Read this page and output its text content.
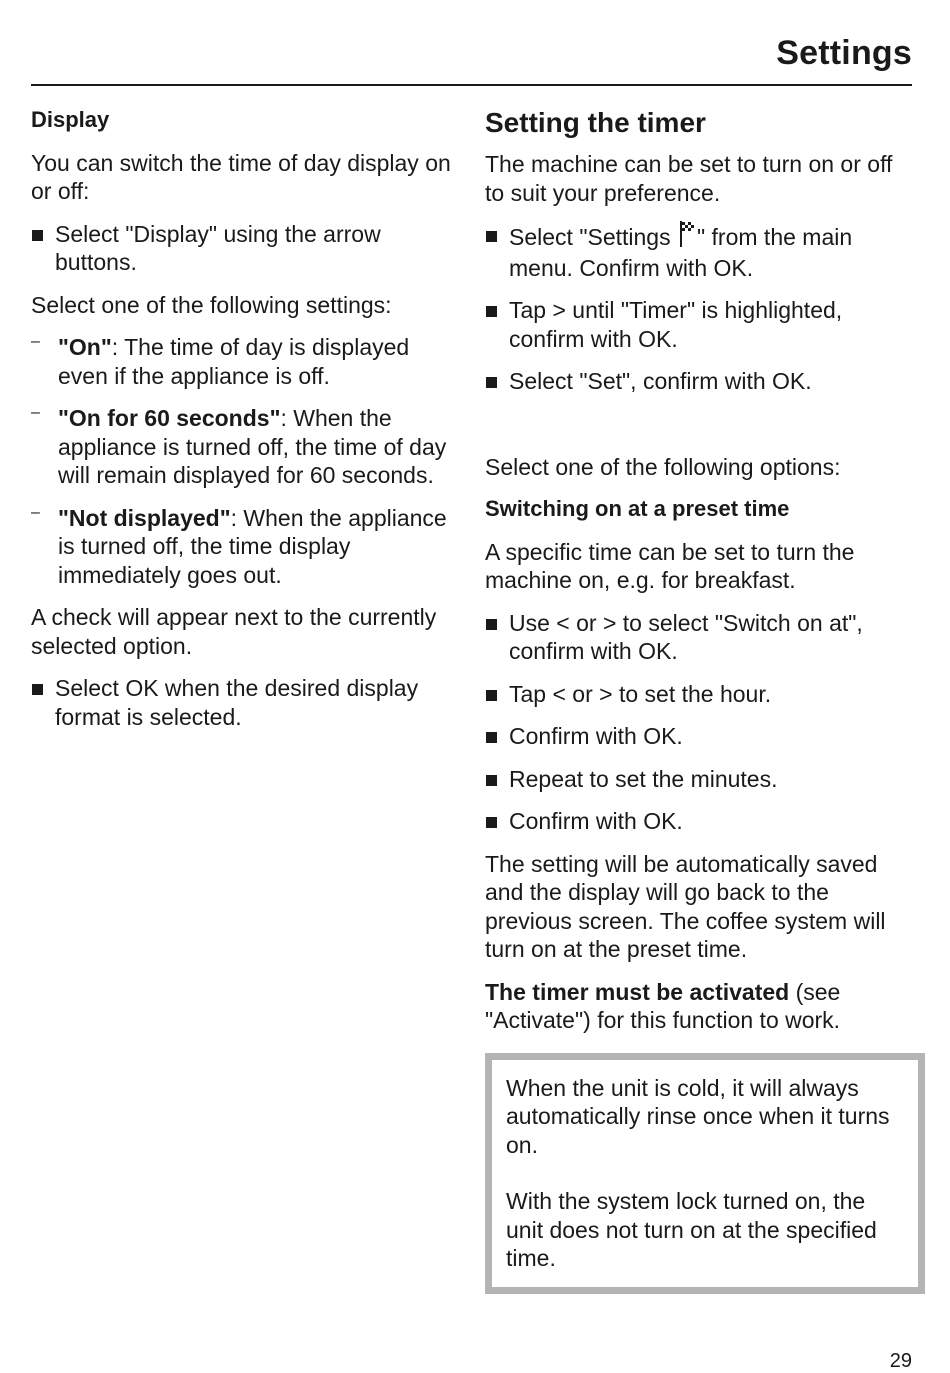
Settings

Display

You can switch the time of day display on or off:

Select "Display" using the arrow buttons.

Select one of the following settings:

– "On": The time of day is displayed even if the appliance is off.

– "On for 60 seconds": When the appliance is turned off, the time of day will remain displayed for 60 seconds.

– "Not displayed": When the appliance is turned off, the time display immediately goes out.

A check will appear next to the currently selected option.

Select OK when the desired display format is selected.

Setting the timer

The machine can be set to turn on or off to suit your preference.

Select "Settings " from the main menu. Confirm with OK.

Tap > until "Timer" is highlighted, confirm with OK.

Select "Set", confirm with OK.

Select one of the following options:

Switching on at a preset time

A specific time can be set to turn the machine on, e.g. for breakfast.

Use < or > to select "Switch on at", confirm with OK.

Tap < or > to set the hour.

Confirm with OK.

Repeat to set the minutes.

Confirm with OK.

The setting will be automatically saved and the display will go back to the previous screen. The coffee system will turn on at the preset time.

The timer must be activated (see "Activate") for this function to work.

When the unit is cold, it will always automatically rinse once when it turns on.

With the system lock turned on, the unit does not turn on at the specified time.

29
